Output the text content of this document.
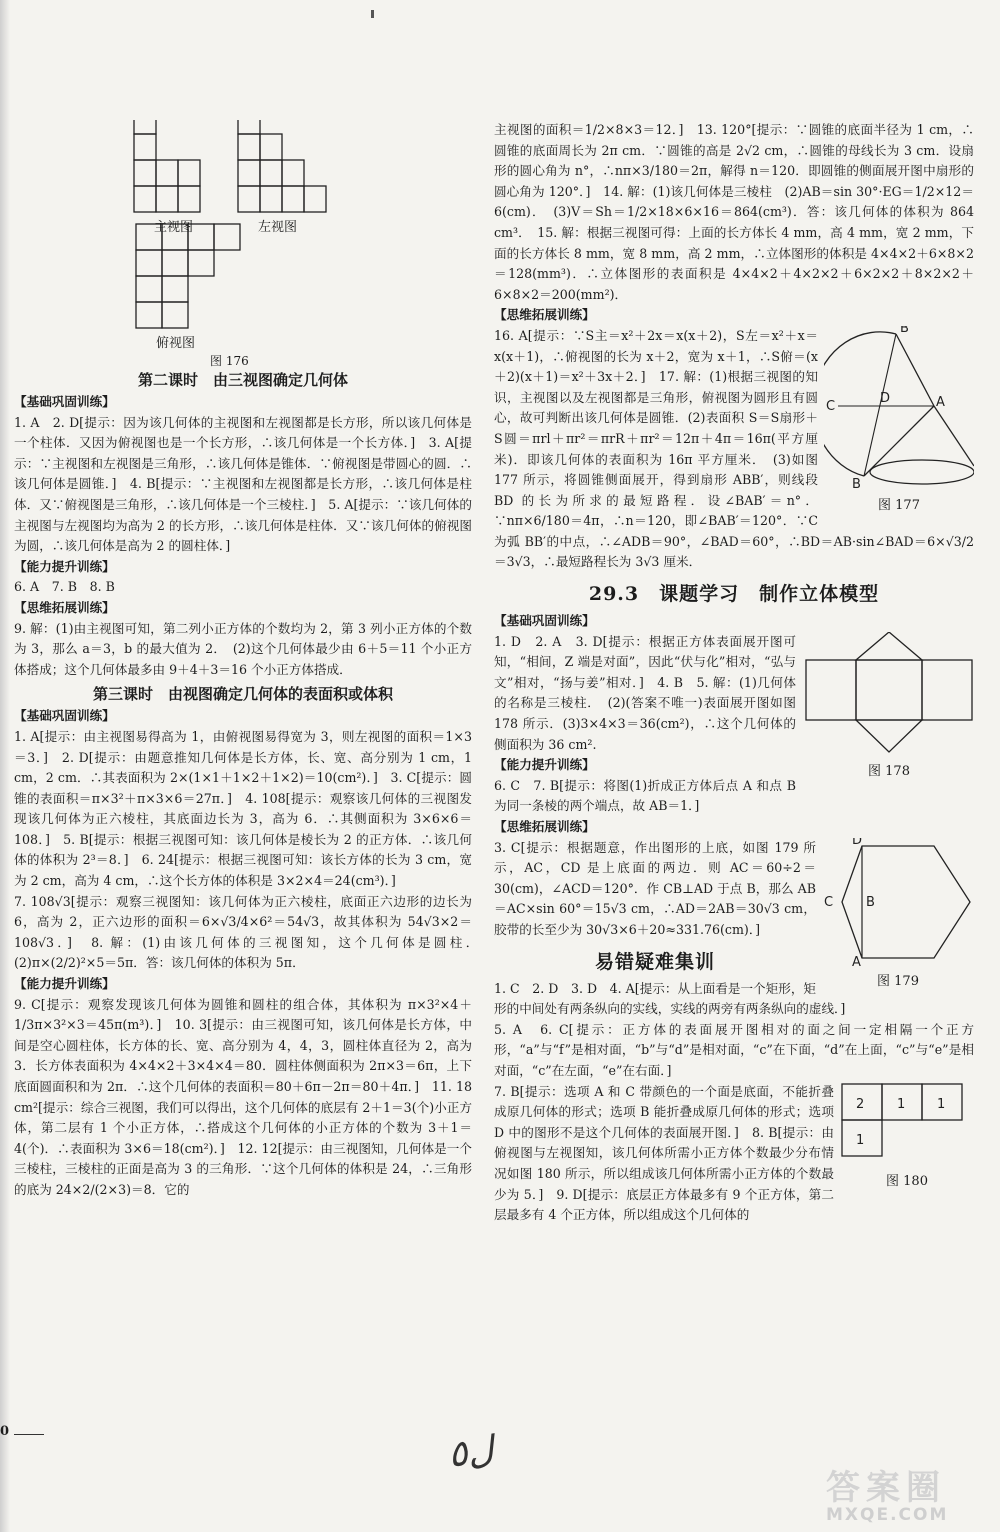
主视图	左视图
俯视图
图 176

第二课时　由三视图确定几何体

【基础巩固训练】

1. A　2. D[提示：因为该几何体的主视图和左视图都是长方形，所以该几何体是一个柱体．又因为俯视图也是一个长方形，∴该几何体是一个长方体．]　3. A[提示：∵主视图和左视图是三角形，∴该几何体是锥体．∵俯视图是带圆心的圆．∴该几何体是圆锥．]　4. B[提示：∵主视图和左视图都是长方形，∴该几何体是柱体．又∵俯视图是三角形，∴该几何体是一个三棱柱．]　5. A[提示：∵该几何体的主视图与左视图均为高为 2 的长方形，∴该几何体是柱体．又∵该几何体的俯视图为圆，∴该几何体是高为 2 的圆柱体．]

【能力提升训练】

6. A　7. B　8. B

【思维拓展训练】

9. 解：(1)由主视图可知，第二列小正方体的个数均为 2，第 3 列小正方体的个数为 3，那么 a＝3，b 的最大值为 2．　(2)这个几何体最少由 6＋5＝11 个小正方体搭成；这个几何体最多由 9＋4＋3＝16 个小正方体搭成．

第三课时　由视图确定几何体的表面积或体积

【基础巩固训练】

1. A[提示：由主视图易得高为 1，由俯视图易得宽为 3，则左视图的面积＝1×3＝3．]　2. D[提示：由题意推知几何体是长方体，长、宽、高分别为 1 cm，1 cm，2 cm．∴其表面积为 2×(1×1＋1×2＋1×2)＝10(cm²)．]　3. C[提示：圆锥的表面积＝π×3²＋π×3×6＝27π．]　4. 108[提示：观察该几何体的三视图发现该几何体为正六棱柱，其底面边长为 3，高为 6．∴其侧面积为 3×6×6＝108．]　5. B[提示：根据三视图可知：该几何体是棱长为 2 的正方体．∴该几何体的体积为 2³＝8．]　6. 24[提示：根据三视图可知：该长方体的长为 3 cm，宽为 2 cm，高为 4 cm，∴这个长方体的体积是 3×2×4＝24(cm³)．]

7. 108√3[提示：观察三视图知：该几何体为正六棱柱，底面正六边形的边长为 6，高为 2，正六边形的面积＝6×√3/4×6²＝54√3，故其体积为 54√3×2＝108√3．]　8. 解：(1)由该几何体的三视图知，这个几何体是圆柱．　(2)π×(2/2)²×5＝5π．答：该几何体的体积为 5π．

【能力提升训练】

9. C[提示：观察发现该几何体为圆锥和圆柱的组合体，其体积为 π×3²×4＋1/3π×3²×3＝45π(m³)．]　10. 3[提示：由三视图可知，该几何体是长方体，中间是空心圆柱体，长方体的长、宽、高分别为 4，4，3，圆柱体直径为 2，高为 3．长方体表面积为 4×4×2＋3×4×4＝80．圆柱体侧面积为 2π×3＝6π，上下底面圆面积和为 2π．∴这个几何体的表面积＝80＋6π－2π＝80＋4π．]　11. 18 cm²[提示：综合三视图，我们可以得出，这个几何体的底层有 2＋1＝3(个)小正方体，第二层有 1 个小正方体，∴搭成这个几何体的小正方体的个数为 3＋1＝4(个)．∴表面积为 3×6＝18(cm²)．]　12. 12[提示：由三视图知，几何体是一个三棱柱，三棱柱的正面是高为 3 的三角形．∵这个几何体的体积是 24，∴三角形的底为 24×2/(2×3)＝8．它的

主视图的面积＝1/2×8×3＝12．]　13. 120°[提示：∵圆锥的底面半径为 1 cm，∴圆锥的底面周长为 2π cm．∵圆锥的高是 2√2 cm，∴圆锥的母线长为 3 cm．设扇形的圆心角为 n°，∴nπ×3/180＝2π，解得 n＝120．即圆锥的侧面展开图中扇形的圆心角为 120°．]　14. 解：(1)该几何体是三棱柱　(2)AB＝sin 30°·EG＝1/2×12＝6(cm)．　(3)V＝Sh＝1/2×18×6×16＝864(cm³)．答：该几何体的体积为 864 cm³．　15. 解：根据三视图可得：上面的长方体长 4 mm，高 4 mm，宽 2 mm，下面的长方体长 8 mm，宽 8 mm，高 2 mm，∴立体图形的体积是 4×4×2＋6×8×2＝128(mm³)．∴立体图形的表面积是 4×4×2＋4×2×2＋6×2×2＋8×2×2＋6×8×2＝200(mm²)．

【思维拓展训练】

B′
C
D	A
B
图 177

16. A[提示：∵S主＝x²＋2x＝x(x＋2)，S左＝x²＋x＝x(x＋1)，∴俯视图的长为 x＋2，宽为 x＋1，∴S俯＝(x＋2)(x＋1)＝x²＋3x＋2．]　17. 解：(1)根据三视图的知识，主视图以及左视图都是三角形，俯视图为圆形且有圆心，故可判断出该几何体是圆锥．(2)表面积 S＝S扇形＋S圆＝πrl＋πr²＝πrR＋πr²＝12π＋4π＝16π(平方厘米)．即该几何体的表面积为 16π 平方厘米．　(3)如图 177 所示，将圆锥侧面展开，得到扇形 ABB′，则线段 BD 的长为所求的最短路程．设∠BAB′＝n°．∵nπ×6/180＝4π，∴n＝120，即∠BAB′＝120°．∵C 为弧 BB′的中点，∴∠ADB＝90°，∠BAD＝60°，∴BD＝AB·sin∠BAD＝6×√3/2＝3√3，∴最短路程长为 3√3 厘米．

29.3　课题学习　制作立体模型

【基础巩固训练】

图 178

1. D　2. A　3. D[提示：根据正方体表面展开图可知，“相间，Z 端是对面”，因此“伏与化”相对，“弘与文”相对，“扬与姜”相对．]　4. B　5. 解：(1)几何体的名称是三棱柱．　(2)(答案不唯一)表面展开图如图 178 所示．(3)3×4×3＝36(cm²)，∴这个几何体的侧面积为 36 cm².

【能力提升训练】

6. C　7. B[提示：将图(1)折成正方体后点 A 和点 B 为同一条棱的两个端点，故 AB＝1．]

【思维拓展训练】

D
C	B
A
图 179

3. C[提示：根据题意，作出图形的上底，如图 179 所示，AC，CD 是上底面的两边．则 AC＝60÷2＝30(cm)，∠ACD＝120°．作 CB⊥AD 于点 B，那么 AB＝AC×sin 60°＝15√3 cm，∴AD＝2AB＝30√3 cm，胶带的长至少为 30√3×6＋20≈331.76(cm)．]

易错疑难集训

1. C　2. D　3. D　4. A[提示：从上面看是一个矩形，矩形的中间处有两条纵向的实线，实线的两旁有两条纵向的虚线．]

5. A　6. C[提示：正方体的表面展开图相对的面之间一定相隔一个正方形，“a”与“f”是相对面，“b”与“d”是相对面，“c”在下面，“d”在上面，“c”与“e”是相对面，“c”在左面，“e”在右面．]

2	1 1
1
图 180

7. B[提示：选项 A 和 C 带颜色的一个面是底面，不能折叠成原几何体的形式；选项 B 能折叠成原几何体的形式；选项 D 中的图形不是这个几何体的表面展开图．]　8. B[提示：由俯视图与左视图知，该几何体所需小正方体个数最少分布情况如图 180 所示，所以组成该几何体所需小正方体的个数最少为 5．]　9. D[提示：底层正方体最多有 9 个正方体，第二层最多有 4 个正方体，所以组成这个几何体的

0
ل٥
答案圈
MXQE.COM
